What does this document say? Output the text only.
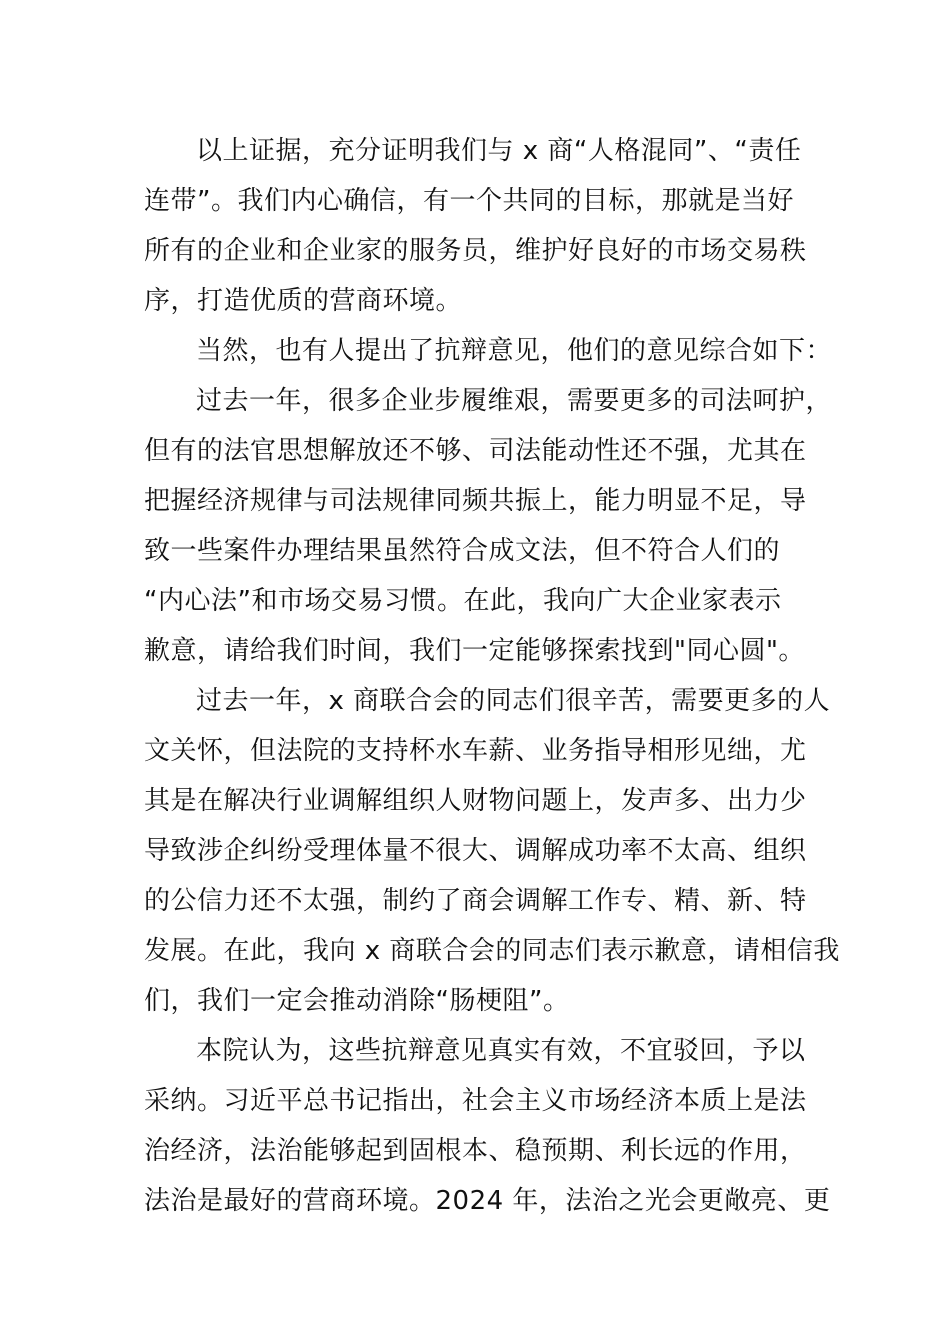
以上证据，充分证明我们与 x 商“人格混同”、“责任
连带”。我们内心确信，有一个共同的目标，那就是当好
所有的企业和企业家的服务员，维护好良好的市场交易秩
序，打造优质的营商环境。
当然，也有人提出了抗辩意见，他们的意见综合如下：
过去一年，很多企业步履维艰，需要更多的司法呵护，
但有的法官思想解放还不够、司法能动性还不强，尤其在
把握经济规律与司法规律同频共振上，能力明显不足，导
致一些案件办理结果虽然符合成文法，但不符合人们的
“内心法”和市场交易习惯。在此，我向广大企业家表示
歉意，请给我们时间，我们一定能够探索找到"同心圆"。
过去一年，x 商联合会的同志们很辛苦，需要更多的人
文关怀，但法院的支持杯水车薪、业务指导相形见绌，尤
其是在解决行业调解组织人财物问题上，发声多、出力少
导致涉企纠纷受理体量不很大、调解成功率不太高、组织
的公信力还不太强，制约了商会调解工作专、精、新、特
发展。在此，我向 x 商联合会的同志们表示歉意，请相信我
们，我们一定会推动消除“肠梗阻”。
本院认为，这些抗辩意见真实有效，不宜驳回，予以
采纳。习近平总书记指出，社会主义市场经济本质上是法
治经济，法治能够起到固根本、稳预期、利长远的作用，
法治是最好的营商环境。2024 年，法治之光会更敞亮、更
